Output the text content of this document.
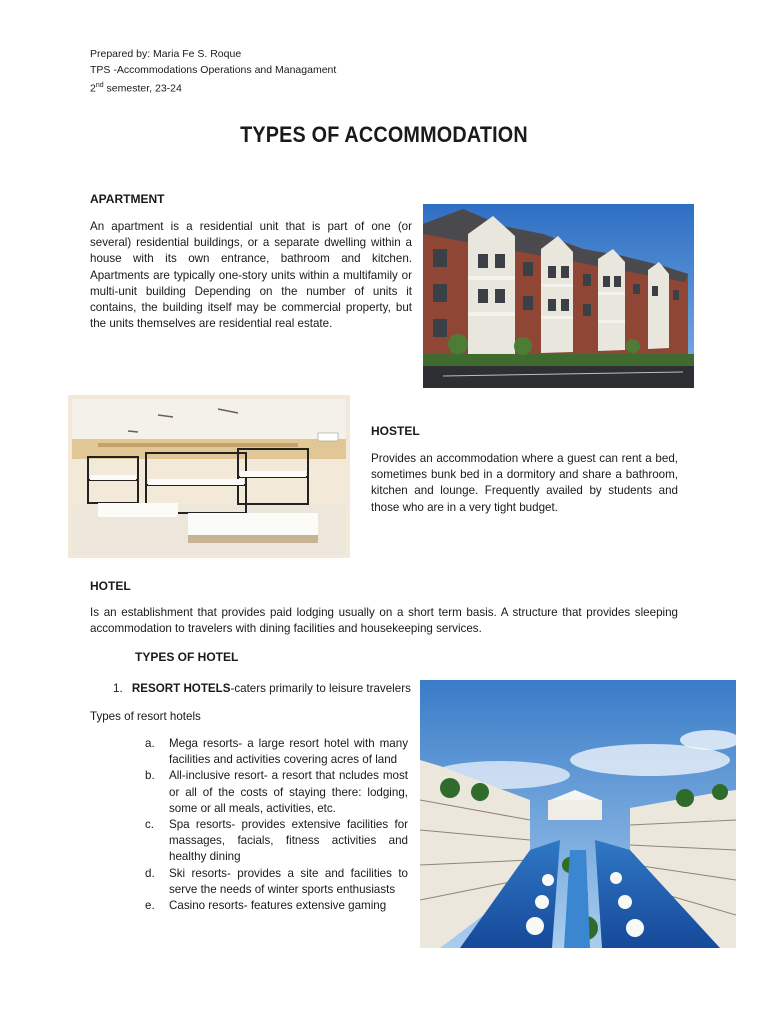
Prepared by: Maria Fe S. Roque
TPS -Accommodations Operations and Managament
2nd semester, 23-24
TYPES OF ACCOMMODATION
APARTMENT
An apartment is a residential unit that is part of one (or several) residential buildings, or a separate dwelling within a house with its own entrance, bathroom and kitchen. Apartments are typically one-story units within a multifamily or multi-unit building Depending on the number of units it contains, the building itself may be commercial property, but the units themselves are residential real estate.
HOSTEL
Provides an accommodation where a guest can rent a bed, sometimes bunk bed in a dormitory and share a bathroom, kitchen and lounge. Frequently availed by students and those who are in a very tight budget.
HOTEL
Is an establishment that provides paid lodging usually on a short term basis. A structure that provides sleeping accommodation to travelers with dining facilities and housekeeping services.
TYPES OF HOTEL
1. RESORT HOTELS-caters primarily to leisure travelers
Types of resort hotels
a. Mega resorts- a large resort hotel with many facilities and activities covering acres of land
b. All-inclusive resort- a resort that ncludes most or all of the costs of staying there: lodging, some or all meals, activities, etc.
c. Spa resorts- provides extensive facilities for massages, facials, fitness activities and healthy dining
d. Ski resorts- provides a site and facilities to serve the needs of winter sports enthusiasts
e. Casino resorts- features extensive gaming
